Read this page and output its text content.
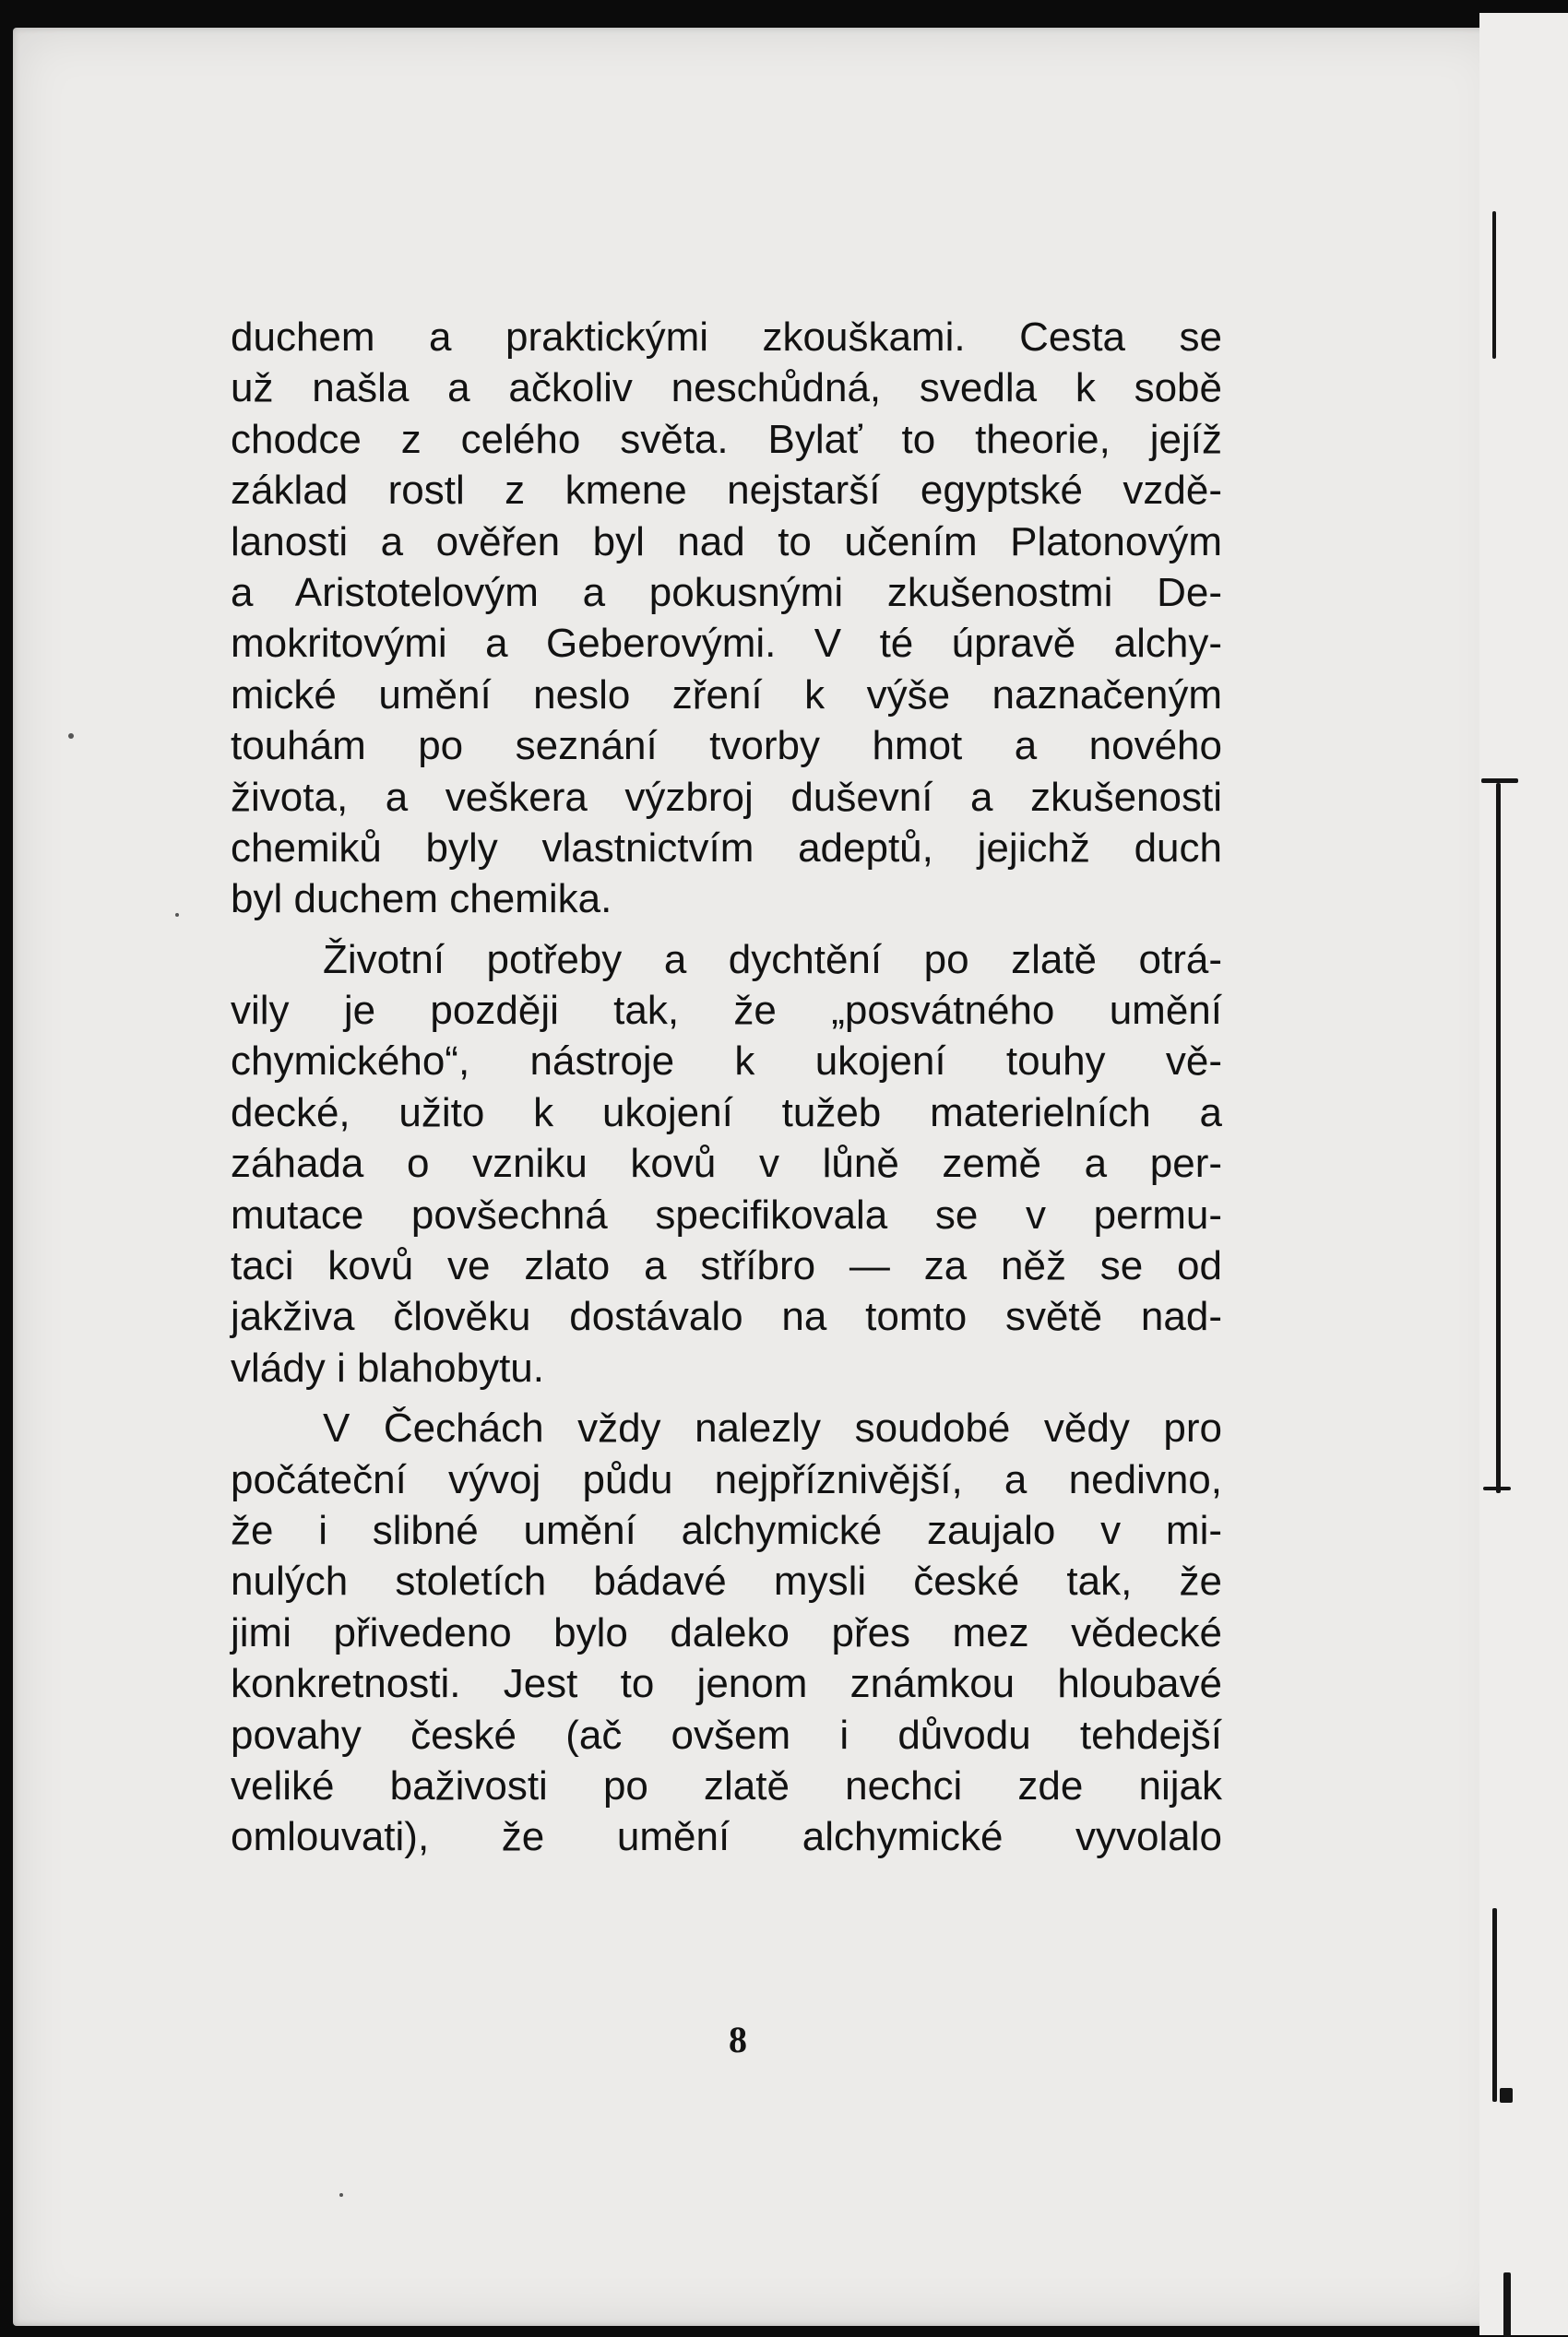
duchem a praktickými zkouškami. Cesta se
už našla a ačkoliv neschůdná, svedla k sobě
chodce z celého světa. Bylať to theorie, jejíž
základ rostl z kmene nejstarší egyptské vzdě-
lanosti a ověřen byl nad to učením Platonovým
a Aristotelovým a pokusnými zkušenostmi De-
mokritovými a Geberovými. V té úpravě alchy-
mické umění neslo zření k výše naznačeným
touhám po seznání tvorby hmot a nového
života, a veškera výzbroj duševní a zkušenosti
chemiků byly vlastnictvím adeptů, jejichž duch
byl duchem chemika.
Životní potřeby a dychtění po zlatě otrá-
vily je později tak, že „posvátného umění
chymického“, nástroje k ukojení touhy vě-
decké, užito k ukojení tužeb materielních a
záhada o vzniku kovů v lůně země a per-
mutace povšechná specifikovala se v permu-
taci kovů ve zlato a stříbro — za něž se od
jakživa člověku dostávalo na tomto světě nad-
vlády i blahobytu.
V Čechách vždy nalezly soudobé vědy pro
počáteční vývoj půdu nejpříznivější, a nedivno,
že i slibné umění alchymické zaujalo v mi-
nulých stoletích bádavé mysli české tak, že
jimi přivedeno bylo daleko přes mez vědecké
konkretnosti. Jest to jenom známkou hloubavé
povahy české (ač ovšem i důvodu tehdejší
veliké baživosti po zlatě nechci zde nijak
omlouvati), že umění alchymické vyvolalo
8
